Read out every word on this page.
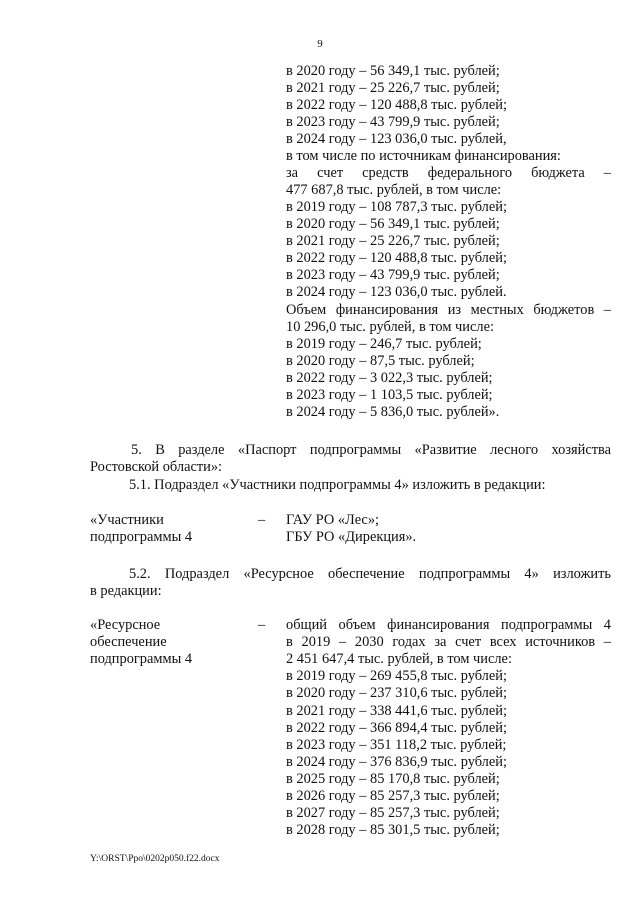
9
в 2020 году – 56 349,1 тыс. рублей;
в 2021 году – 25 226,7 тыс. рублей;
в 2022 году – 120 488,8 тыс. рублей;
в 2023 году – 43 799,9 тыс. рублей;
в 2024 году – 123 036,0 тыс. рублей,
в том числе по источникам финансирования:
за счет средств федерального бюджета –
477 687,8 тыс. рублей, в том числе:
в 2019 году – 108 787,3 тыс. рублей;
в 2020 году – 56 349,1 тыс. рублей;
в 2021 году – 25 226,7 тыс. рублей;
в 2022 году – 120 488,8 тыс. рублей;
в 2023 году – 43 799,9 тыс. рублей;
в 2024 году – 123 036,0 тыс. рублей.
Объем финансирования из местных бюджетов –
10 296,0 тыс. рублей, в том числе:
в 2019 году – 246,7 тыс. рублей;
в 2020 году – 87,5 тыс. рублей;
в 2022 году – 3 022,3 тыс. рублей;
в 2023 году – 1 103,5 тыс. рублей;
в 2024 году – 5 836,0 тыс. рублей».
5. В разделе «Паспорт подпрограммы «Развитие лесного хозяйства
Ростовской области»:
5.1. Подраздел «Участники подпрограммы 4» изложить в редакции:
«Участники
подпрограммы 4
– ГАУ РО «Лес»;
ГБУ РО «Дирекция».
5.2. Подраздел «Ресурсное обеспечение подпрограммы 4» изложить
в редакции:
«Ресурсное
обеспечение
подпрограммы 4
– общий объем финансирования подпрограммы 4
в 2019 – 2030 годах за счет всех источников –
2 451 647,4 тыс. рублей, в том числе:
в 2019 году – 269 455,8 тыс. рублей;
в 2020 году – 237 310,6 тыс. рублей;
в 2021 году – 338 441,6 тыс. рублей;
в 2022 году – 366 894,4 тыс. рублей;
в 2023 году – 351 118,2 тыс. рублей;
в 2024 году – 376 836,9 тыс. рублей;
в 2025 году – 85 170,8 тыс. рублей;
в 2026 году – 85 257,3 тыс. рублей;
в 2027 году – 85 257,3 тыс. рублей;
в 2028 году – 85 301,5 тыс. рублей;
Y:\ORST\Ppo\0202p050.f22.docx
